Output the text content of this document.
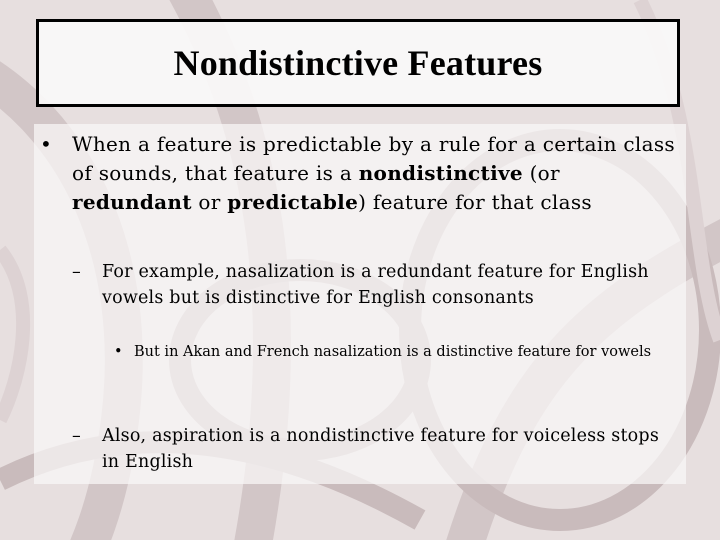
Nondistinctive Features
• When a feature is predictable by a rule for a certain class of sounds, that feature is a nondistinctive (or redundant or predictable) feature for that class
– For example, nasalization is a redundant feature for English vowels but is distinctive for English consonants
• But in Akan and French nasalization is a distinctive feature for vowels
– Also, aspiration is a nondistinctive feature for voiceless stops in English
